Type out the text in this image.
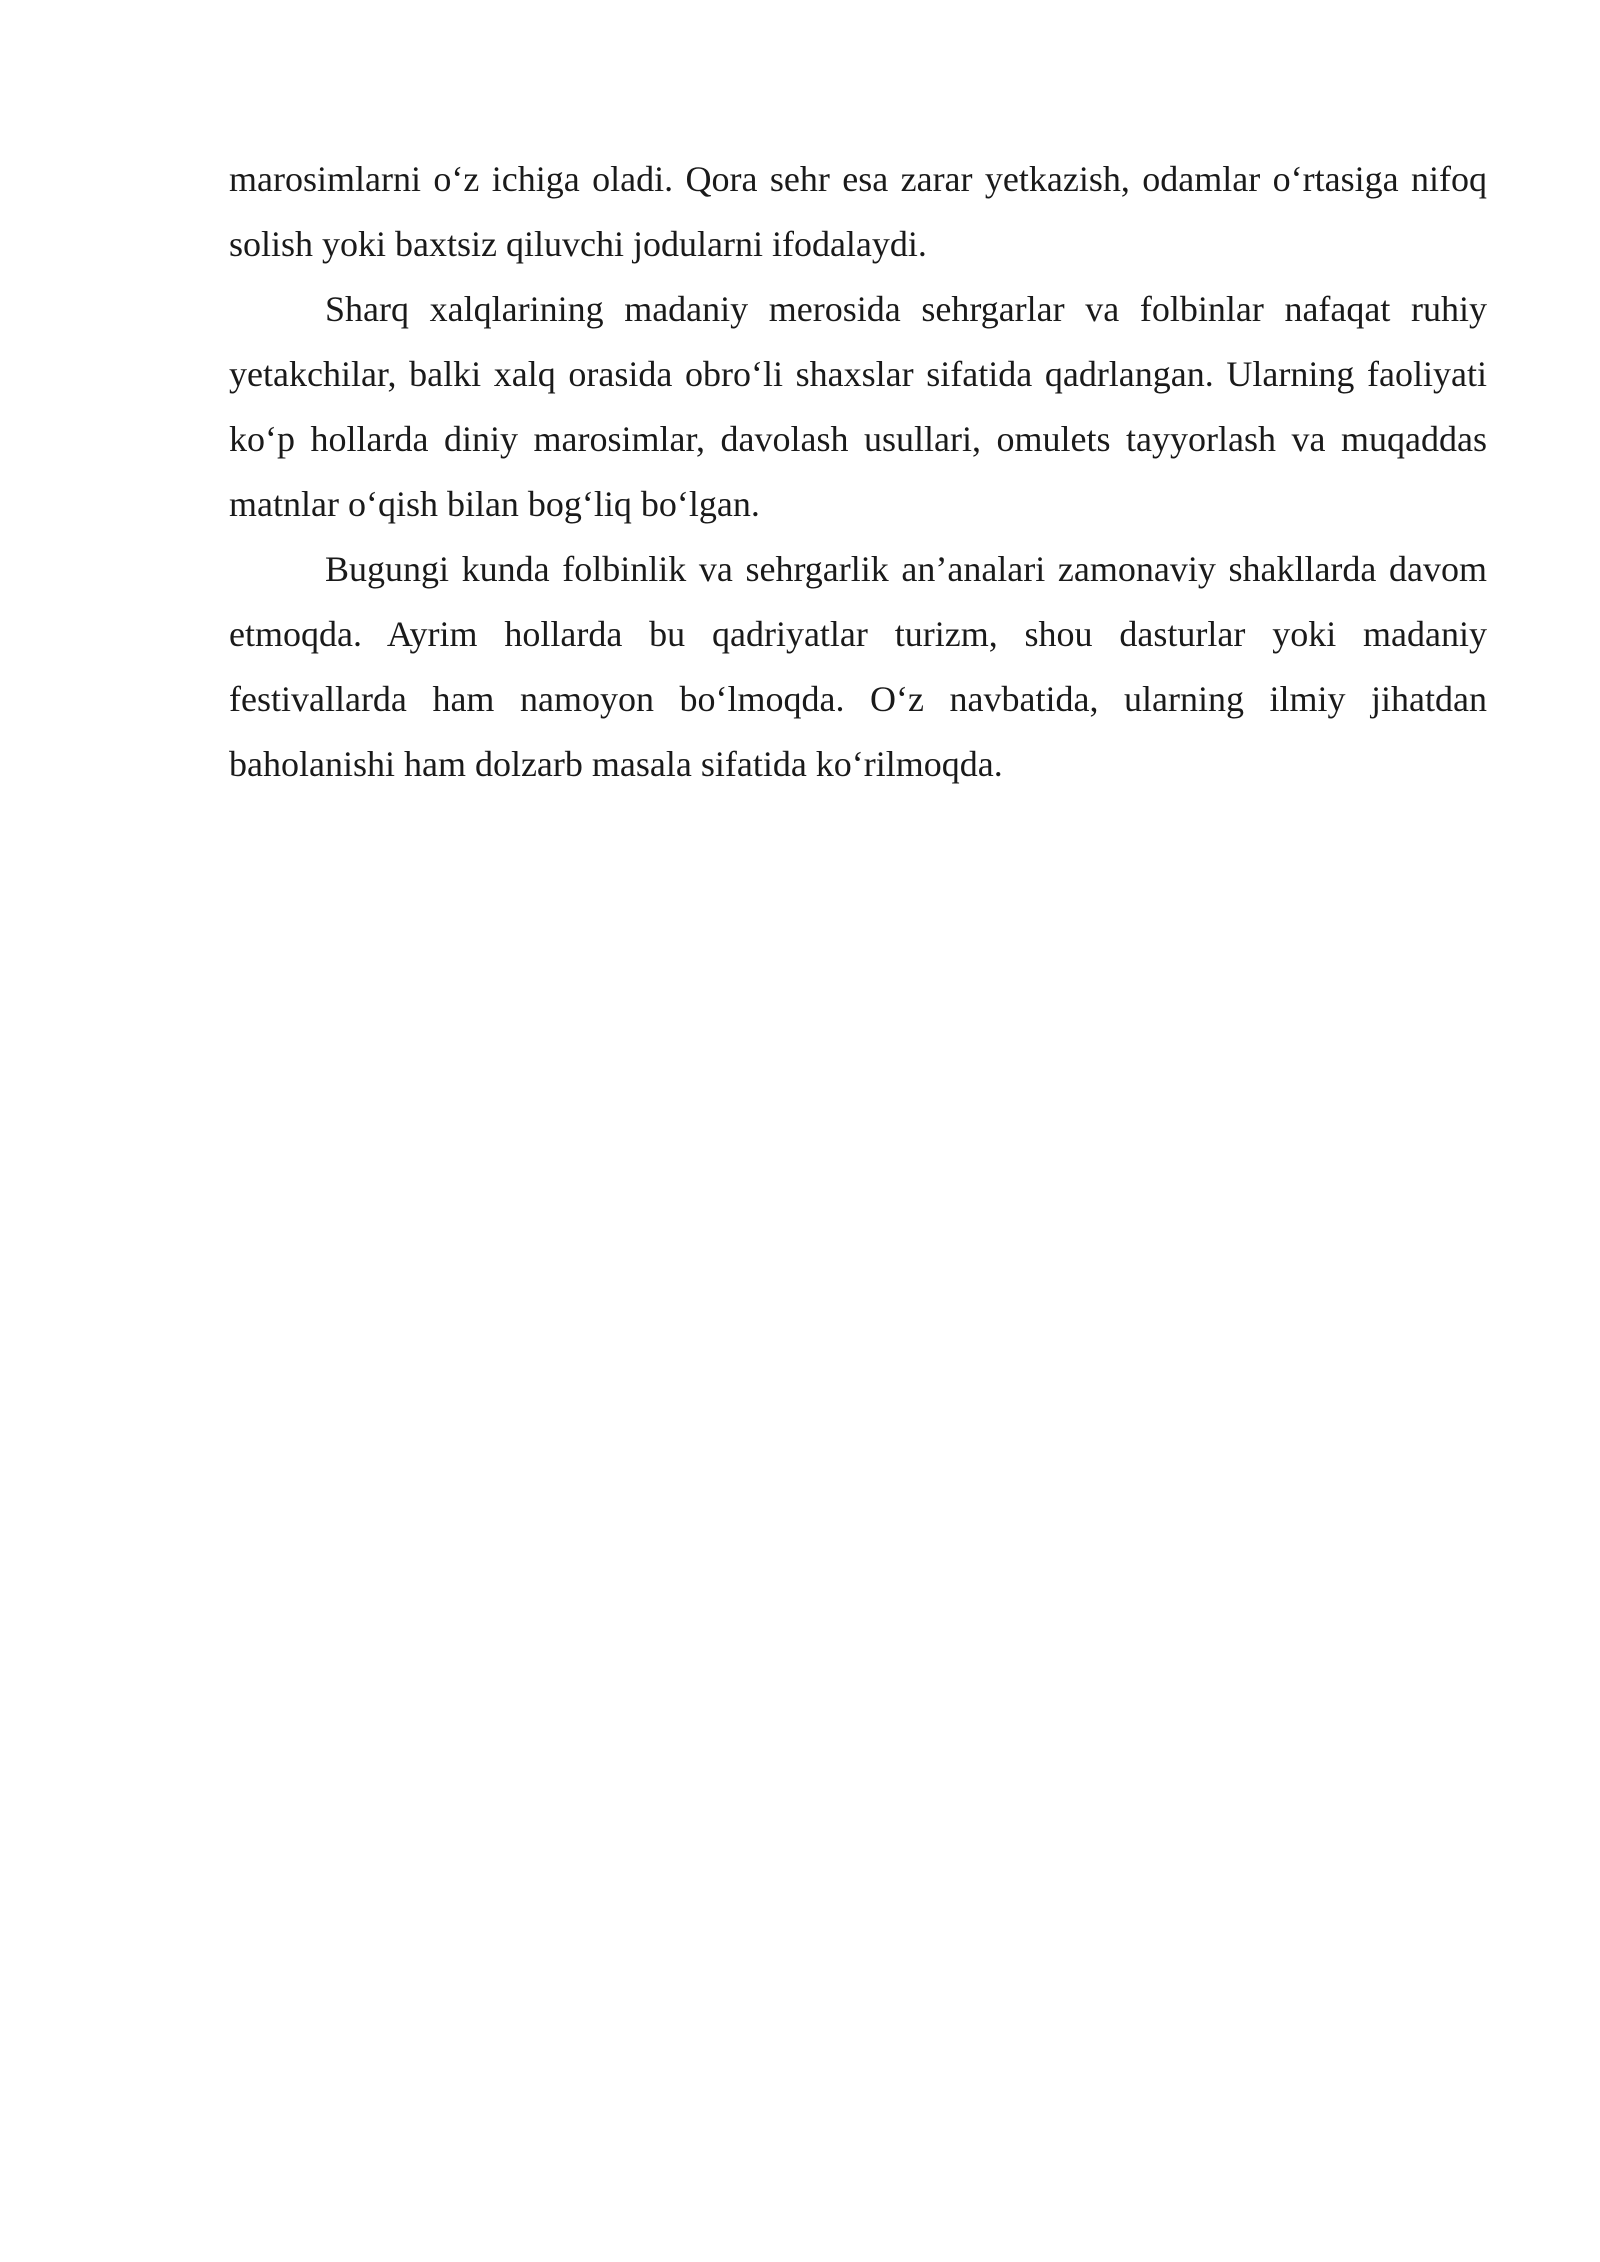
marosimlarni o‘z ichiga oladi. Qora sehr esa zarar yetkazish, odamlar o‘rtasiga nifoq solish yoki baxtsiz qiluvchi jodularni ifodalaydi.

Sharq xalqlarining madaniy merosida sehrgarlar va folbinlar nafaqat ruhiy yetakchilar, balki xalq orasida obro‘li shaxslar sifatida qadrlangan. Ularning faoliyati ko‘p hollarda diniy marosimlar, davolash usullari, omulets tayyorlash va muqaddas matnlar o‘qish bilan bog‘liq bo‘lgan.

Bugungi kunda folbinlik va sehrgarlik an’analari zamonaviy shakllarda davom etmoqda. Ayrim hollarda bu qadriyatlar turizm, shou dasturlar yoki madaniy festivallarda ham namoyon bo‘lmoqda. O‘z navbatida, ularning ilmiy jihatdan baholanishi ham dolzarb masala sifatida ko‘rilmoqda.
